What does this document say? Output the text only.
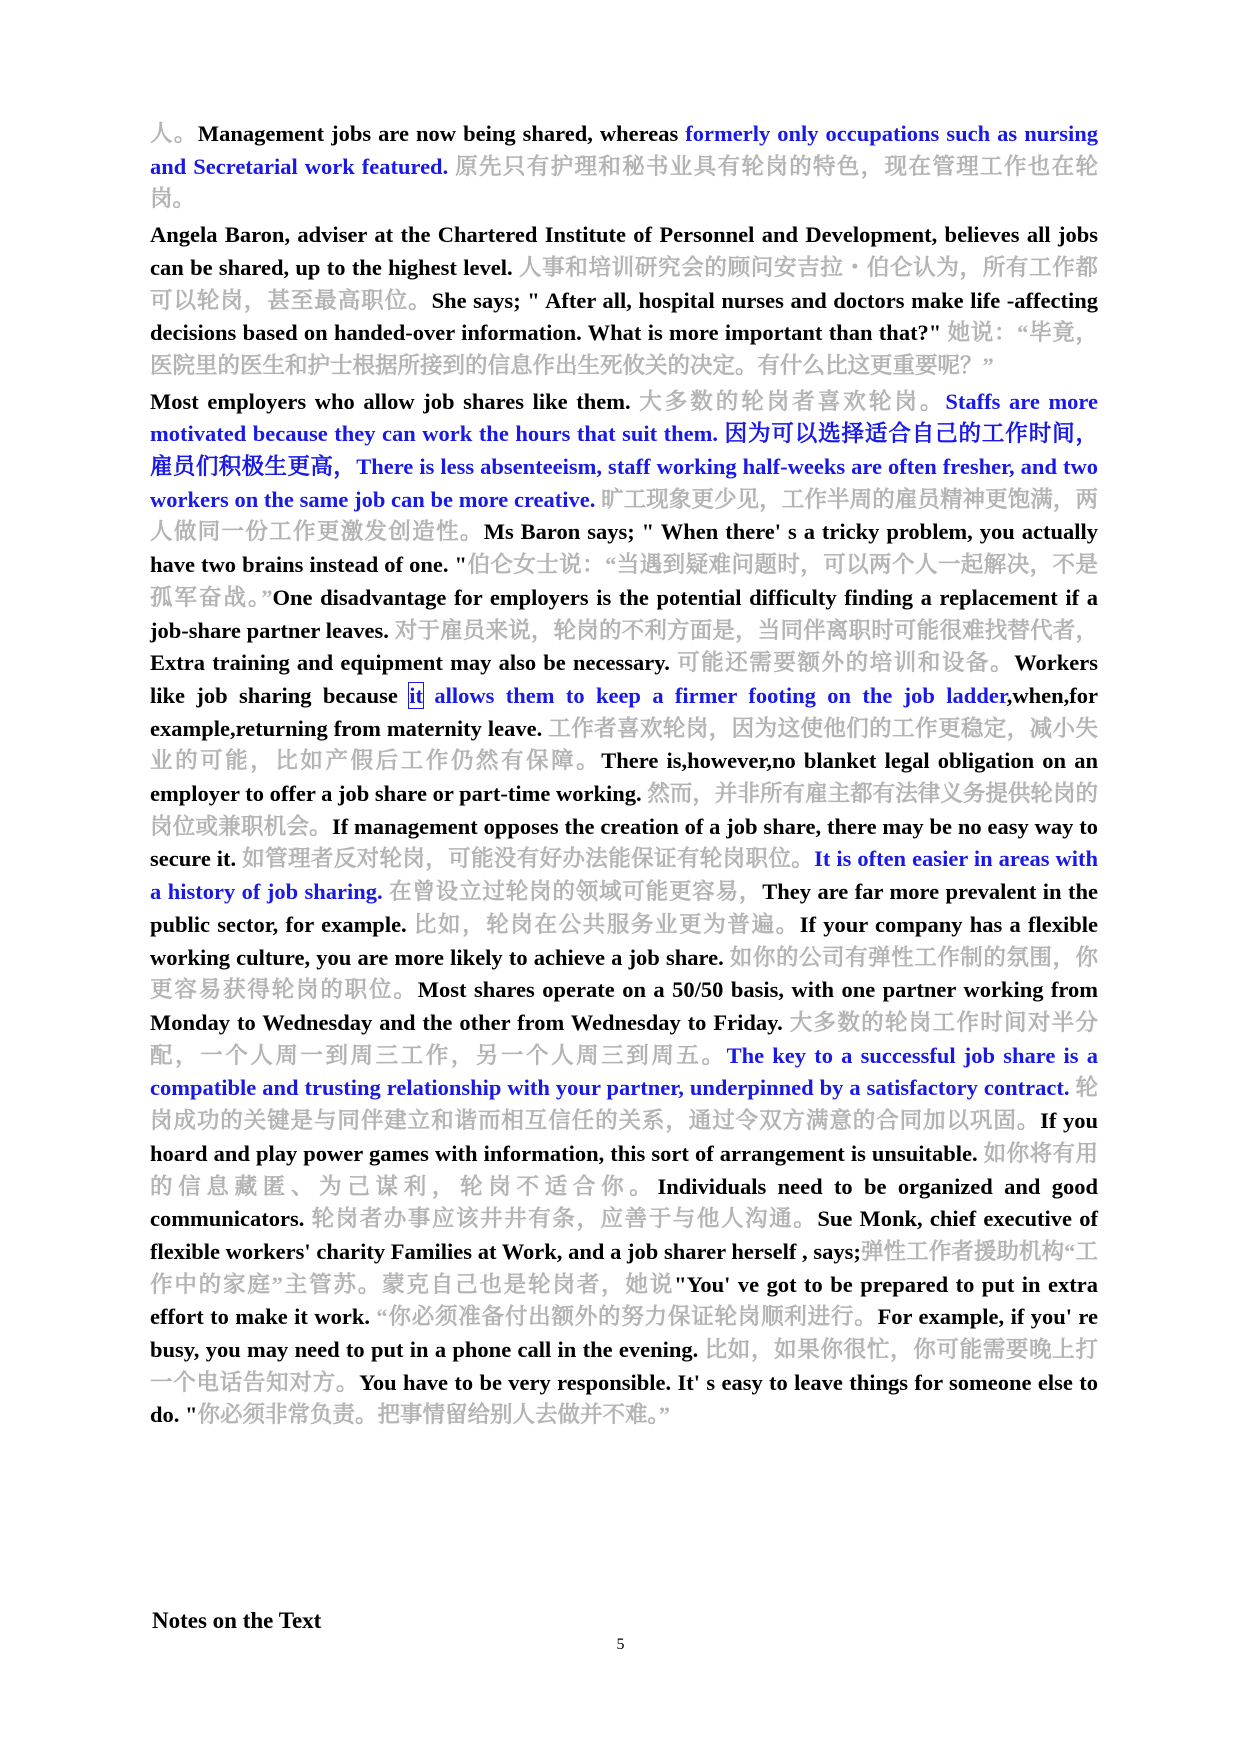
人。Management jobs are now being shared, whereas formerly only occupations such as nursing and Secretarial work featured. 原先只有护理和秘书业具有轮岗的特色，现在管理工作也在轮岗。

Angela Baron, adviser at the Chartered Institute of Personnel and Development, believes all jobs can be shared, up to the highest level. 人事和培训研究会的顾问安吉拉・伯仑认为，所有工作都可以轮岗，甚至最高职位。She says; " After all, hospital nurses and doctors make life -affecting decisions based on handed-over information. What is more important than that?" 她说：“毕竟，医院里的医生和护士根据所接到的信息作出生死攸关的决定。有什么比这更重要呢？”

Most employers who allow job shares like them. 大多数的轮岗者喜欢轮岗。Staffs are more motivated because they can work the hours that suit them. 因为可以选择适合自己的工作时间，雇员们积极生更高，There is less absenteeism, staff working half-weeks are often fresher, and two workers on the same job can be more creative. 旷工现象更少见，工作半周的雇员精神更饱满，两人做同一份工作更激发创造性。Ms Baron says; " When there' s a tricky problem, you actually have two brains instead of one. "伯仑女士说：“当遇到疑难问题时，可以两个人一起解决，不是孤军奋战。”One disadvantage for employers is the potential difficulty finding a replacement if a job-share partner leaves. 对于雇员来说，轮岗的不利方面是，当同伴离职时可能很难找替代者，Extra training and equipment may also be necessary. 可能还需要额外的培训和设备。Workers like job sharing because it allows them to keep a firmer footing on the job ladder,when,for example,returning from maternity leave. 工作者喜欢轮岗，因为这使他们的工作更稳定，减小失业的可能，比如产假后工作仍然有保障。There is,however,no blanket legal obligation on an employer to offer a job share or part-time working. 然而，并非所有雇主都有法律义务提供轮岗的岗位或兼职机会。If management opposes the creation of a job share, there may be no easy way to secure it. 如管理者反对轮岗，可能没有好办法能保证有轮岗职位。It is often easier in areas with a history of job sharing. 在曾设立过轮岗的领域可能更容易，They are far more prevalent in the public sector, for example. 比如，轮岗在公共服务业更为普遍。If your company has a flexible working culture, you are more likely to achieve a job share. 如你的公司有弹性工作制的氛围，你更容易获得轮岗的职位。Most shares operate on a 50/50 basis, with one partner working from Monday to Wednesday and the other from Wednesday to Friday. 大多数的轮岗工作时间对半分配，一个人周一到周三工作，另一个人周三到周五。The key to a successful job share is a compatible and trusting relationship with your partner, underpinned by a satisfactory contract. 轮岗成功的关键是与同伴建立和谐而相互信任的关系，通过令双方满意的合同加以巩固。If you hoard and play power games with information, this sort of arrangement is unsuitable. 如你将有用的信息藏匿、为己谋利，轮岗不适合你。Individuals need to be organized and good communicators. 轮岗者办事应该井井有条，应善于与他人沟通。Sue Monk, chief executive of flexible workers' charity Families at Work, and a job sharer herself , says;弹性工作者援助机构“工作中的家庭”主管苏。蒙克自己也是轮岗者，她说"You' ve got to be prepared to put in extra effort to make it work. “你必须准备付出额外的努力保证轮岗顺利进行。For example, if you' re busy, you may need to put in a phone call in the evening. 比如，如果你很忙，你可能需要晚上打一个电话告知对方。You have to be very responsible. It' s easy to leave things for someone else to do. "你必须非常负责。把事情留给别人去做并不难。”

Notes on the Text
5
